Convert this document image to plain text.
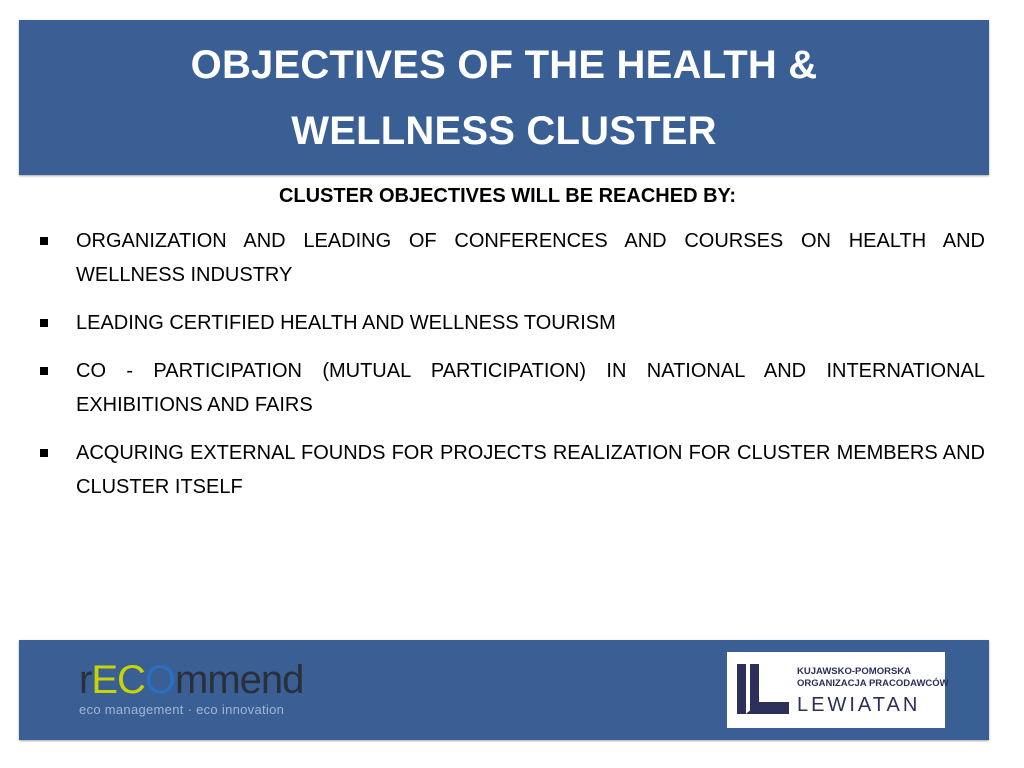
OBJECTIVES OF THE HEALTH &
WELLNESS CLUSTER
CLUSTER OBJECTIVES WILL BE REACHED BY:
ORGANIZATION AND LEADING OF CONFERENCES AND COURSES ON HEALTH AND WELLNESS INDUSTRY
LEADING CERTIFIED HEALTH AND WELLNESS TOURISM
CO - PARTICIPATION (MUTUAL PARTICIPATION) IN NATIONAL AND INTERNATIONAL EXHIBITIONS AND FAIRS
ACQURING EXTERNAL FOUNDS FOR PROJECTS REALIZATION FOR CLUSTER MEMBERS AND CLUSTER ITSELF
rECOmmend
eco management · eco innovation
KUJAWSKO-POMORSKA
ORGANIZACJA PRACODAWCÓW
LEWIATAN
